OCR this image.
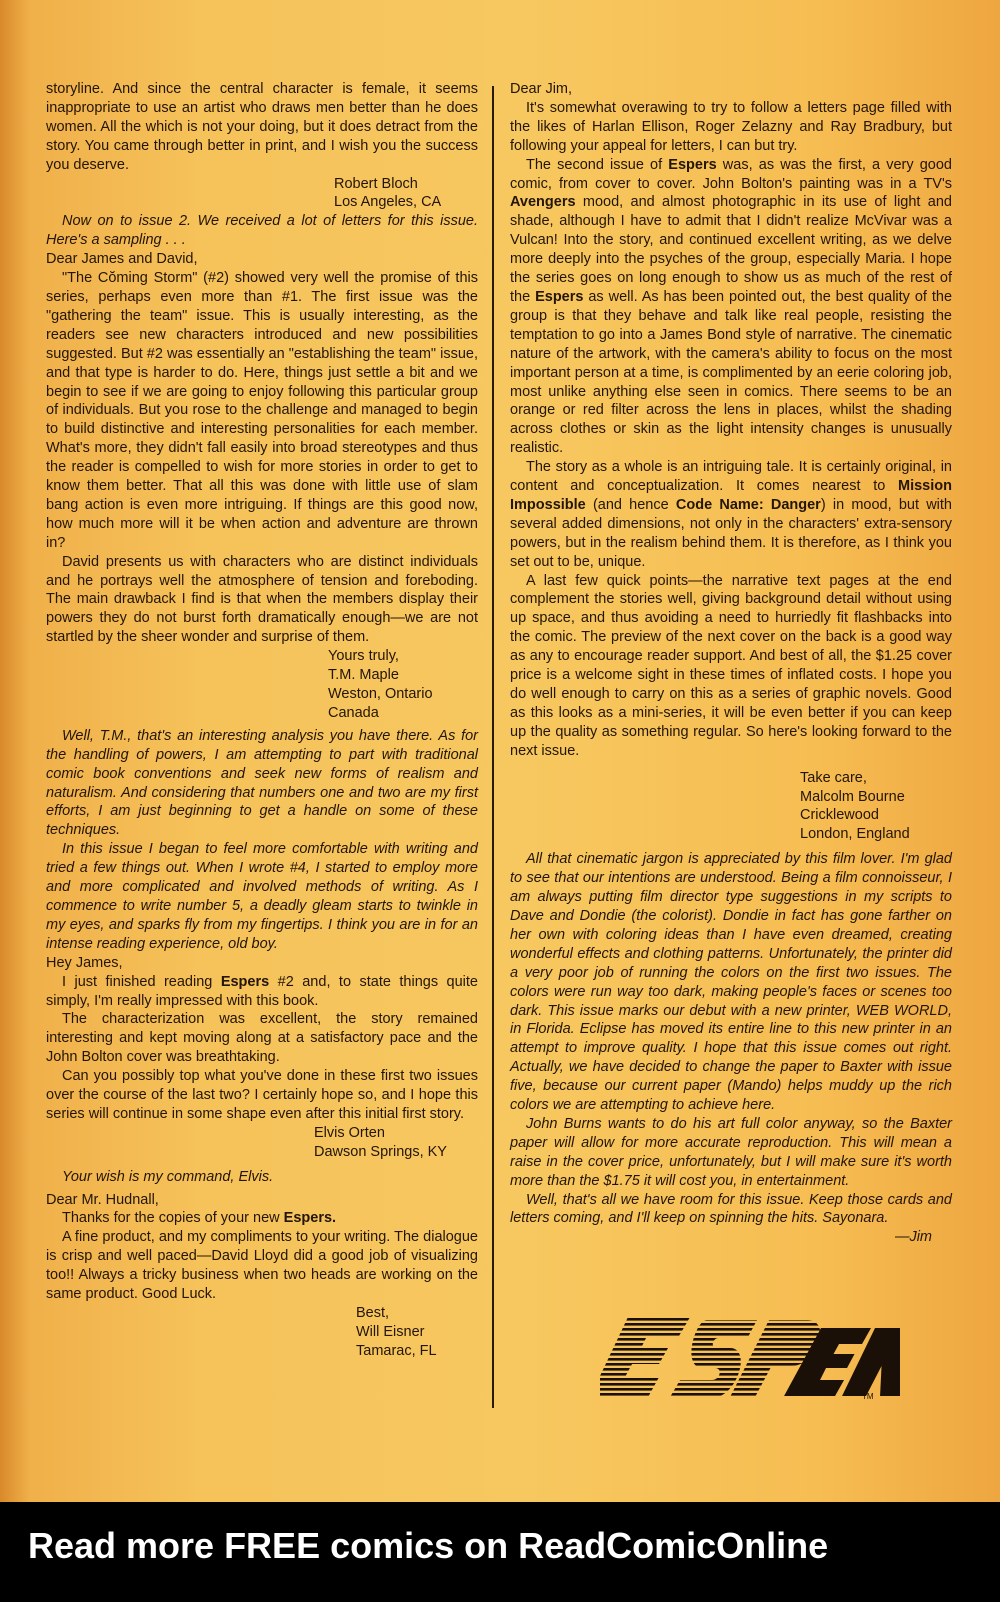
storyline. And since the central character is female, it seems inappropriate to use an artist who draws men better than he does women. All the which is not your doing, but it does detract from the story. You came through better in print, and I wish you the success you deserve.

Robert Bloch
Los Angeles, CA

Now on to issue 2. We received a lot of letters for this issue. Here's a sampling . . .

Dear James and David,

"The Cŏming Storm" (#2) showed very well the promise of this series, perhaps even more than #1. The first issue was the "gathering the team" issue. This is usually interesting, as the readers see new characters introduced and new possibilities suggested. But #2 was essentially an "establishing the team" issue, and that type is harder to do. Here, things just settle a bit and we begin to see if we are going to enjoy following this particular group of individuals. But you rose to the challenge and managed to begin to build distinctive and interesting personalities for each member. What's more, they didn't fall easily into broad stereotypes and thus the reader is compelled to wish for more stories in order to get to know them better. That all this was done with little use of slam bang action is even more intriguing. If things are this good now, how much more will it be when action and adventure are thrown in?

David presents us with characters who are distinct individuals and he portrays well the atmosphere of tension and foreboding. The main drawback I find is that when the members display their powers they do not burst forth dramatically enough—we are not startled by the sheer wonder and surprise of them.

Yours truly,
T.M. Maple
Weston, Ontario
Canada

Well, T.M., that's an interesting analysis you have there. As for the handling of powers, I am attempting to part with traditional comic book conventions and seek new forms of realism and naturalism. And considering that numbers one and two are my first efforts, I am just beginning to get a handle on some of these techniques.

In this issue I began to feel more comfortable with writing and tried a few things out. When I wrote #4, I started to employ more and more complicated and involved methods of writing. As I commence to write number 5, a deadly gleam starts to twinkle in my eyes, and sparks fly from my fingertips. I think you are in for an intense reading experience, old boy.

Hey James,

I just finished reading Espers #2 and, to state things quite simply, I'm really impressed with this book.

The characterization was excellent, the story remained interesting and kept moving along at a satisfactory pace and the John Bolton cover was breathtaking.

Can you possibly top what you've done in these first two issues over the course of the last two? I certainly hope so, and I hope this series will continue in some shape even after this initial first story.

Elvis Orten
Dawson Springs, KY

Your wish is my command, Elvis.

Dear Mr. Hudnall,

Thanks for the copies of your new Espers.

A fine product, and my compliments to your writing. The dialogue is crisp and well paced—David Lloyd did a good job of visualizing too!! Always a tricky business when two heads are working on the same product. Good Luck.

Best,
Will Eisner
Tamarac, FL

Dear Jim,

It's somewhat overawing to try to follow a letters page filled with the likes of Harlan Ellison, Roger Zelazny and Ray Bradbury, but following your appeal for letters, I can but try.

The second issue of Espers was, as was the first, a very good comic, from cover to cover. John Bolton's painting was in a TV's Avengers mood, and almost photographic in its use of light and shade, although I have to admit that I didn't realize McVivar was a Vulcan! Into the story, and continued excellent writing, as we delve more deeply into the psyches of the group, especially Maria. I hope the series goes on long enough to show us as much of the rest of the Espers as well. As has been pointed out, the best quality of the group is that they behave and talk like real people, resisting the temptation to go into a James Bond style of narrative. The cinematic nature of the artwork, with the camera's ability to focus on the most important person at a time, is complimented by an eerie coloring job, most unlike anything else seen in comics. There seems to be an orange or red filter across the lens in places, whilst the shading across clothes or skin as the light intensity changes is unusually realistic.

The story as a whole is an intriguing tale. It is certainly original, in content and conceptualization. It comes nearest to Mission Impossible (and hence Code Name: Danger) in mood, but with several added dimensions, not only in the characters' extra-sensory powers, but in the realism behind them. It is therefore, as I think you set out to be, unique.

A last few quick points—the narrative text pages at the end complement the stories well, giving background detail without using up space, and thus avoiding a need to hurriedly fit flashbacks into the comic. The preview of the next cover on the back is a good way as any to encourage reader support. And best of all, the $1.25 cover price is a welcome sight in these times of inflated costs. I hope you do well enough to carry on this as a series of graphic novels. Good as this looks as a mini-series, it will be even better if you can keep up the quality as something regular. So here's looking forward to the next issue.

Take care,
Malcolm Bourne
Cricklewood
London, England

All that cinematic jargon is appreciated by this film lover. I'm glad to see that our intentions are understood. Being a film connoisseur, I am always putting film director type suggestions in my scripts to Dave and Dondie (the colorist). Dondie in fact has gone farther on her own with coloring ideas than I have even dreamed, creating wonderful effects and clothing patterns. Unfortunately, the printer did a very poor job of running the colors on the first two issues. The colors were run way too dark, making people's faces or scenes too dark. This issue marks our debut with a new printer, WEB WORLD, in Florida. Eclipse has moved its entire line to this new printer in an attempt to improve quality. I hope that this issue comes out right. Actually, we have decided to change the paper to Baxter with issue five, because our current paper (Mando) helps muddy up the rich colors we are attempting to achieve here.

John Burns wants to do his art full color anyway, so the Baxter paper will allow for more accurate reproduction. This will mean a raise in the cover price, unfortunately, but I will make sure it's worth more than the $1.75 it will cost you, in entertainment.

Well, that's all we have room for this issue. Keep those cards and letters coming, and I'll keep on spinning the hits. Sayonara.

—Jim

TM
Read more FREE comics on ReadComicOnline
